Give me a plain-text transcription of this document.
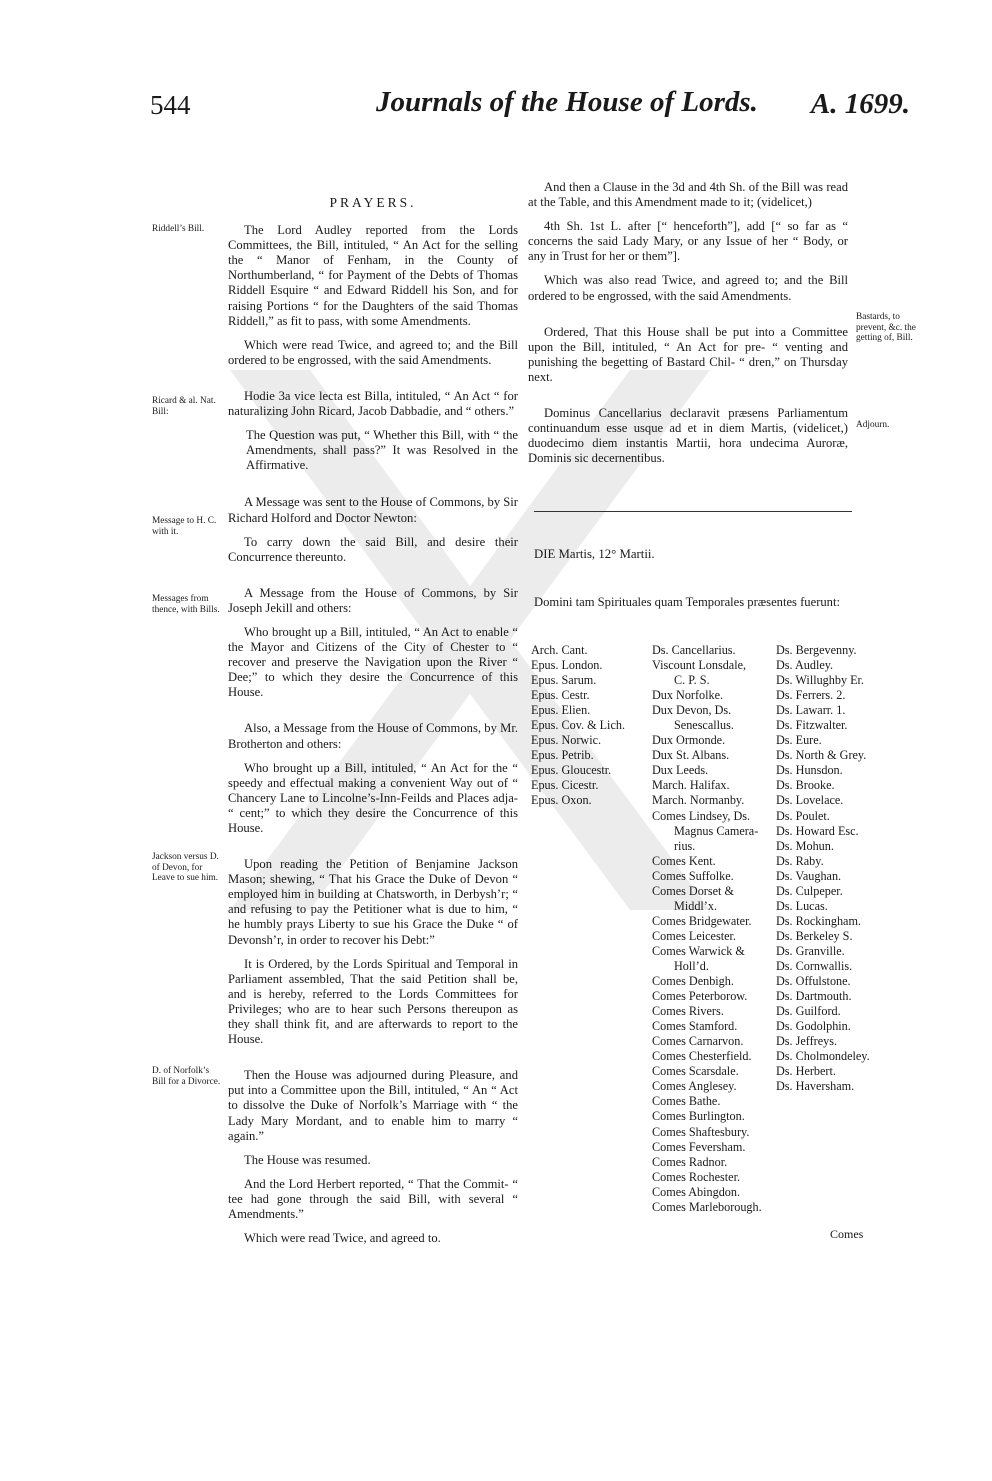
544	Journals of the House of Lords. A. 1699.
Riddell’s Bill.
Ricard & al. Nat. Bill:
Message to H. C. with it.
Messages from thence, with Bills.
Jackson versus D. of Devon, for Leave to sue him.
D. of Norfolk’s Bill for a Divorce.
Bastards, to prevent, &c. the getting of, Bill.
Adjourn.
PRAYERS.

The Lord Audley reported from the Lords Committees, the Bill, intituled, “ An Act for the selling the “ Manor of Fenham, in the County of Northumberland, “ for Payment of the Debts of Thomas Riddell Esquire “ and Edward Riddell his Son, and for raising Portions “ for the Daughters of the said Thomas Riddell,” as fit to pass, with some Amendments.

Which were read Twice, and agreed to; and the Bill ordered to be engrossed, with the said Amendments.

Hodie 3a vice lecta est Billa, intituled, “ An Act “ for naturalizing John Ricard, Jacob Dabbadie, and “ others.”

The Question was put, “ Whether this Bill, with “ the Amendments, shall pass?” It was Resolved in the Affirmative.

A Message was sent to the House of Commons, by Sir Richard Holford and Doctor Newton:

To carry down the said Bill, and desire their Concurrence thereunto.

A Message from the House of Commons, by Sir Joseph Jekill and others:

Who brought up a Bill, intituled, “ An Act to enable “ the Mayor and Citizens of the City of Chester to “ recover and preserve the Navigation upon the River “ Dee;” to which they desire the Concurrence of this House.

Also, a Message from the House of Commons, by Mr. Brotherton and others:

Who brought up a Bill, intituled, “ An Act for the “ speedy and effectual making a convenient Way out of “ Chancery Lane to Lincolne’s-Inn-Feilds and Places adja- “ cent;” to which they desire the Concurrence of this House.

Upon reading the Petition of Benjamine Jackson Mason; shewing, “ That his Grace the Duke of Devon “ employed him in building at Chatsworth, in Derbysh’r; “ and refusing to pay the Petitioner what is due to him, “ he humbly prays Liberty to sue his Grace the Duke “ of Devonsh’r, in order to recover his Debt:”

It is Ordered, by the Lords Spiritual and Temporal in Parliament assembled, That the said Petition shall be, and is hereby, referred to the Lords Committees for Privileges; who are to hear such Persons thereupon as they shall think fit, and are afterwards to report to the House.

Then the House was adjourned during Pleasure, and put into a Committee upon the Bill, intituled, “ An “ Act to dissolve the Duke of Norfolk’s Marriage with “ the Lady Mary Mordant, and to enable him to marry “ again.”

The House was resumed.

And the Lord Herbert reported, “ That the Commit- “ tee had gone through the said Bill, with several “ Amendments.”

Which were read Twice, and agreed to.

And then a Clause in the 3d and 4th Sh. of the Bill was read at the Table, and this Amendment made to it; (videlicet,)

4th Sh. 1st L. after [“ henceforth”], add [“ so far as “ concerns the said Lady Mary, or any Issue of her “ Body, or any in Trust for her or them”].

Which was also read Twice, and agreed to; and the Bill ordered to be engrossed, with the said Amendments.

Ordered, That this House shall be put into a Committee upon the Bill, intituled, “ An Act for pre- “ venting and punishing the begetting of Bastard Chil- “ dren,” on Thursday next.

Dominus Cancellarius declaravit præsens Parliamentum continuandum esse usque ad et in diem Martis, (videlicet,) duodecimo diem instantis Martii, hora undecima Auroræ, Dominis sic decernentibus.

DIE Martis, 12° Martii.
Domini tam Spirituales quam Temporales præsentes fuerunt:
Arch. Cant.
Epus. London.
Epus. Sarum.
Epus. Cestr.
Epus. Elien.
Epus. Cov. & Lich.
Epus. Norwic.
Epus. Petrib.
Epus. Gloucestr.
Epus. Cicestr.
Epus. Oxon.
Ds. Cancellarius.
Viscount Lonsdale,
C. P. S.
Dux Norfolke.
Dux Devon, Ds.
Senescallus.
Dux Ormonde.
Dux St. Albans.
Dux Leeds.
March. Halifax.
March. Normanby.
Comes Lindsey, Ds.
Magnus Camera-
rius.
Comes Kent.
Comes Suffolke.
Comes Dorset &
Middl’x.
Comes Bridgewater.
Comes Leicester.
Comes Warwick &
Holl’d.
Comes Denbigh.
Comes Peterborow.
Comes Rivers.
Comes Stamford.
Comes Carnarvon.
Comes Chesterfield.
Comes Scarsdale.
Comes Anglesey.
Comes Bathe.
Comes Burlington.
Comes Shaftesbury.
Comes Feversham.
Comes Radnor.
Comes Rochester.
Comes Abingdon.
Comes Marleborough.
Ds. Bergevenny.
Ds. Audley.
Ds. Willughby Er.
Ds. Ferrers. 2.
Ds. Lawarr. 1.
Ds. Fitzwalter.
Ds. Eure.
Ds. North & Grey.
Ds. Hunsdon.
Ds. Brooke.
Ds. Lovelace.
Ds. Poulet.
Ds. Howard Esc.
Ds. Mohun.
Ds. Raby.
Ds. Vaughan.
Ds. Culpeper.
Ds. Lucas.
Ds. Rockingham.
Ds. Berkeley S.
Ds. Granville.
Ds. Cornwallis.
Ds. Offulstone.
Ds. Dartmouth.
Ds. Guilford.
Ds. Godolphin.
Ds. Jeffreys.
Ds. Cholmondeley.
Ds. Herbert.
Ds. Haversham.
Comes
